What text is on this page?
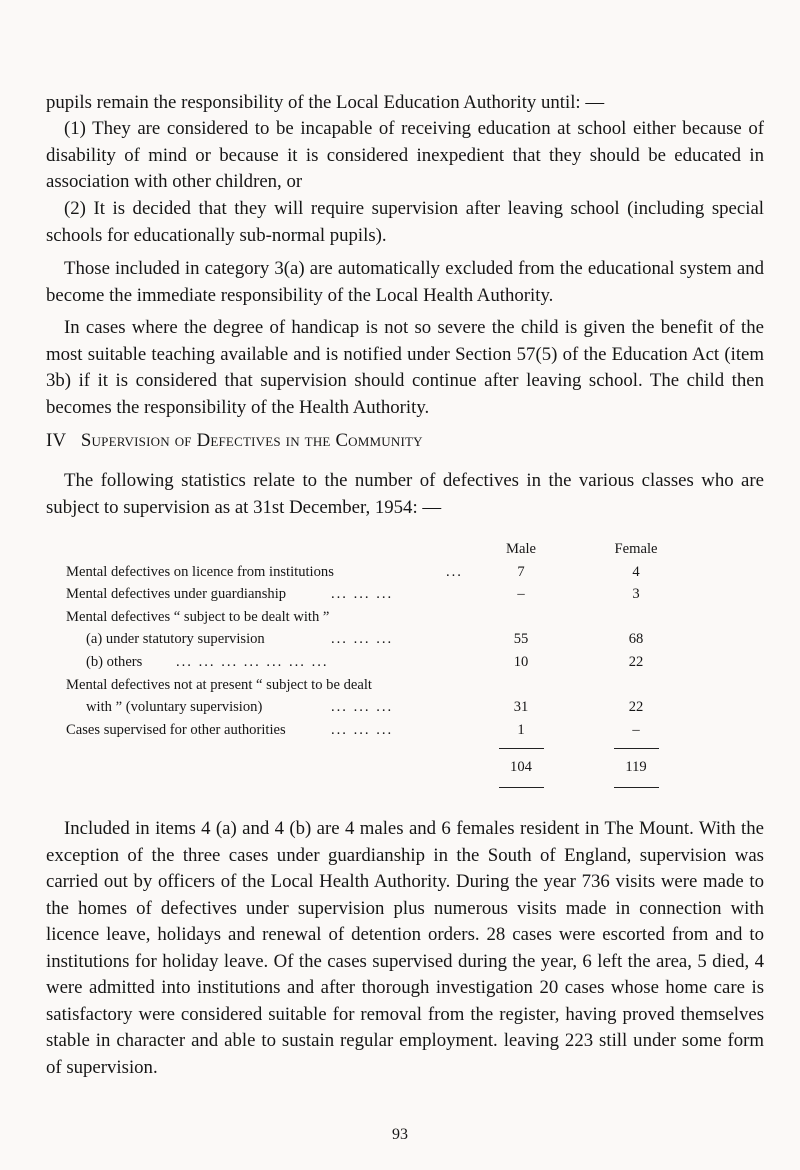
pupils remain the responsibility of the Local Education Authority until: —

(1) They are considered to be incapable of receiving education at school either because of disability of mind or because it is considered inexpedient that they should be educated in association with other children, or

(2) It is decided that they will require supervision after leaving school (including special schools for educationally sub-normal pupils).

Those included in category 3(a) are automatically excluded from the educational system and become the immediate responsibility of the Local Health Authority.

In cases where the degree of handicap is not so severe the child is given the benefit of the most suitable teaching available and is notified under Section 57(5) of the Education Act (item 3b) if it is considered that supervision should continue after leaving school. The child then becomes the responsibility of the Health Authority.

IV Supervision of Defectives in the Community

The following statistics relate to the number of defectives in the various classes who are subject to supervision as at 31st December, 1954: —

Male	Female
Mental defectives on licence from institutions	...	7	4
Mental defectives under guardianship	... ... ...	–	3
Mental defectives “ subject to be dealt with ”
(a) under statutory supervision	... ... ...	55	68
(b) others ... ... ... ... ... ... ...	10	22
Mental defectives not at present “ subject to be dealt
with ” (voluntary supervision)	... ... ...	31	22
Cases supervised for other authorities	... ... ...	1	–
104	119

Included in items 4 (a) and 4 (b) are 4 males and 6 females resident in The Mount. With the exception of the three cases under guardianship in the South of England, supervision was carried out by officers of the Local Health Authority. During the year 736 visits were made to the homes of defectives under supervision plus numerous visits made in connection with licence leave, holidays and renewal of detention orders. 28 cases were escorted from and to institutions for holiday leave. Of the cases supervised during the year, 6 left the area, 5 died, 4 were admitted into institutions and after thorough investigation 20 cases whose home care is satisfactory were considered suitable for removal from the register, having proved themselves stable in character and able to sustain regular employment. leaving 223 still under some form of supervision.

93
